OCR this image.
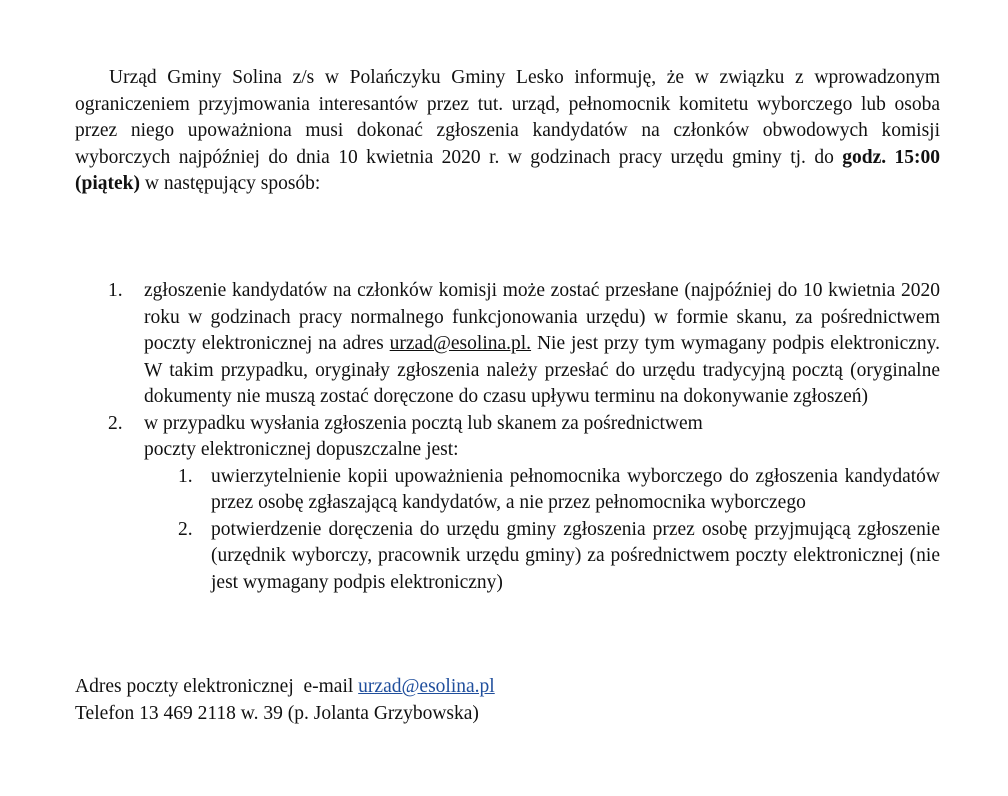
Urząd Gminy Solina z/s w Polańczyku Gminy Lesko informuję, że w związku z wprowadzonym ograniczeniem przyjmowania interesantów przez tut. urząd, pełnomocnik komitetu wyborczego lub osoba przez niego upoważniona musi dokonać zgłoszenia kandydatów na członków obwodowych komisji wyborczych najpóźniej do dnia 10 kwietnia 2020 r. w godzinach pracy urzędu gminy tj. do godz. 15:00 (piątek) w następujący sposób:

1. zgłoszenie kandydatów na członków komisji może zostać przesłane (najpóźniej do 10 kwietnia 2020 roku w godzinach pracy normalnego funkcjonowania urzędu) w formie skanu, za pośrednictwem poczty elektronicznej na adres urzad@esolina.pl. Nie jest przy tym wymagany podpis elektroniczny. W takim przypadku, oryginały zgłoszenia należy przesłać do urzędu tradycyjną pocztą (oryginalne dokumenty nie muszą zostać doręczone do czasu upływu terminu na dokonywanie zgłoszeń)
2. w przypadku wysłania zgłoszenia pocztą lub skanem za pośrednictwem
poczty elektronicznej dopuszczalne jest:
1. uwierzytelnienie kopii upoważnienia pełnomocnika wyborczego do zgłoszenia kandydatów przez osobę zgłaszającą kandydatów, a nie przez pełnomocnika wyborczego
2. potwierdzenie doręczenia do urzędu gminy zgłoszenia przez osobę przyjmującą zgłoszenie (urzędnik wyborczy, pracownik urzędu gminy) za pośrednictwem poczty elektronicznej (nie jest wymagany podpis elektroniczny)
Adres poczty elektronicznej  e-mail urzad@esolina.pl
Telefon 13 469 2118 w. 39 (p. Jolanta Grzybowska)
